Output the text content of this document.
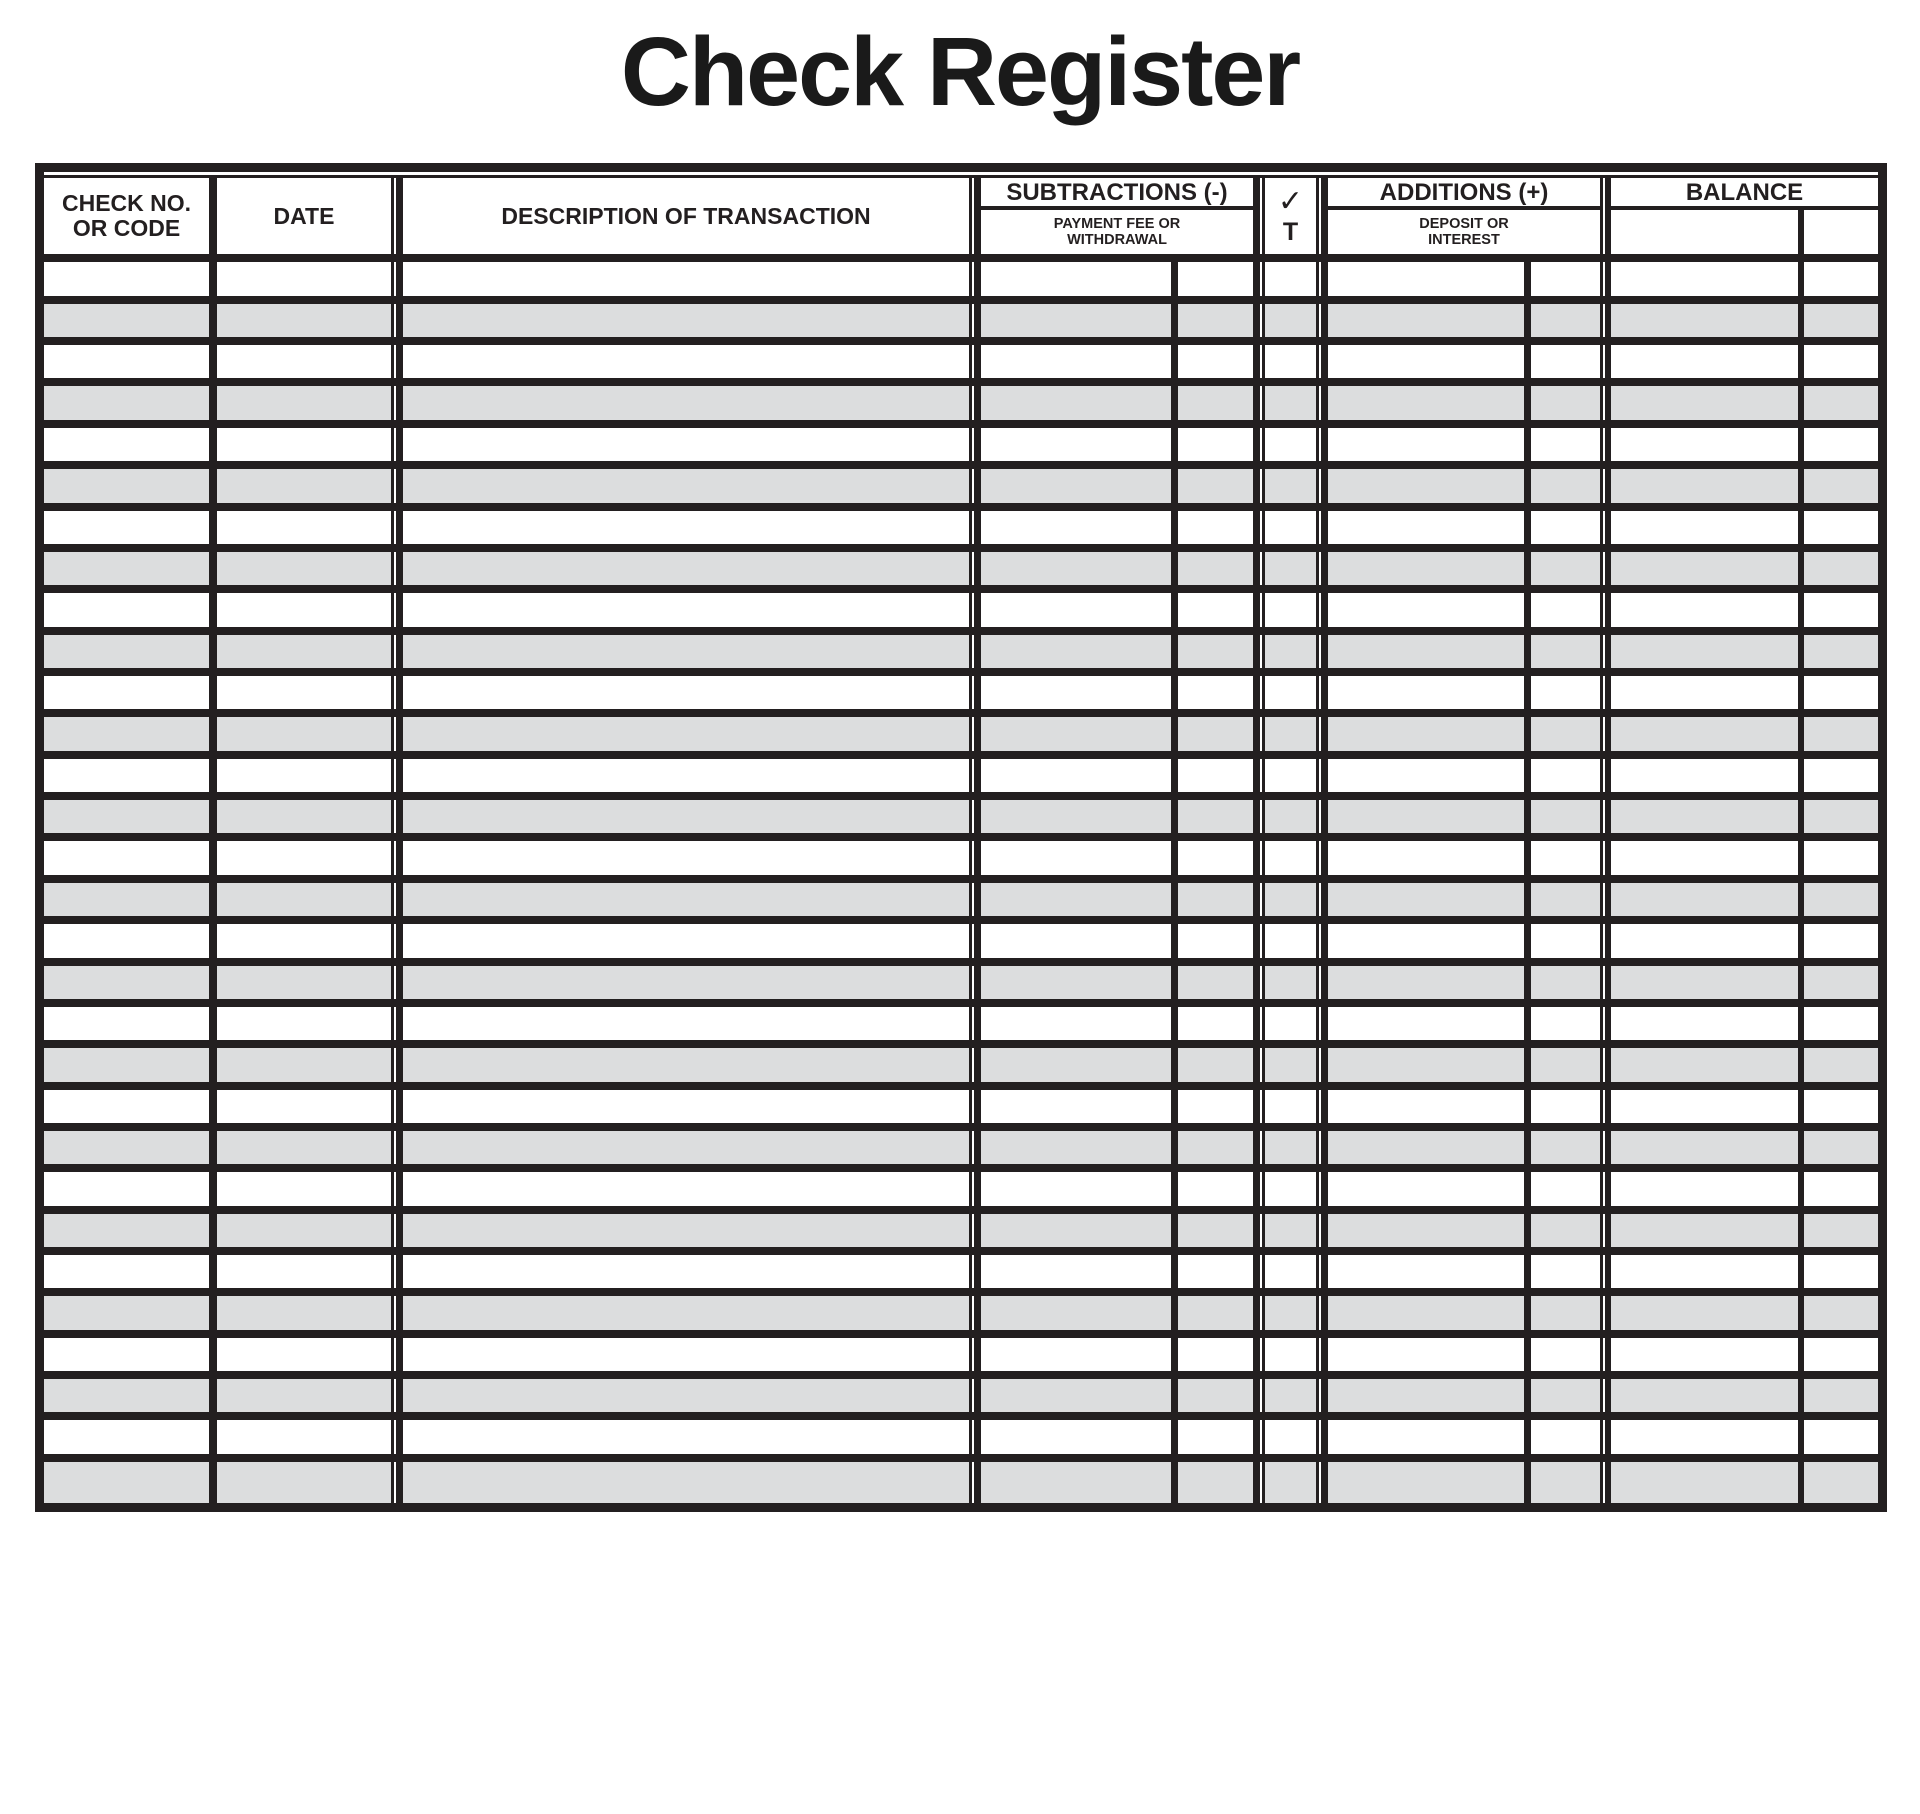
Check Register
CHECK NO.
OR CODE	DATE	DESCRIPTION OF TRANSACTION
SUBTRACTIONS (-)
PAYMENT FEE OR
WITHDRAWAL
✓
T
ADDITIONS (+)
DEPOSIT OR
INTEREST
BALANCE
